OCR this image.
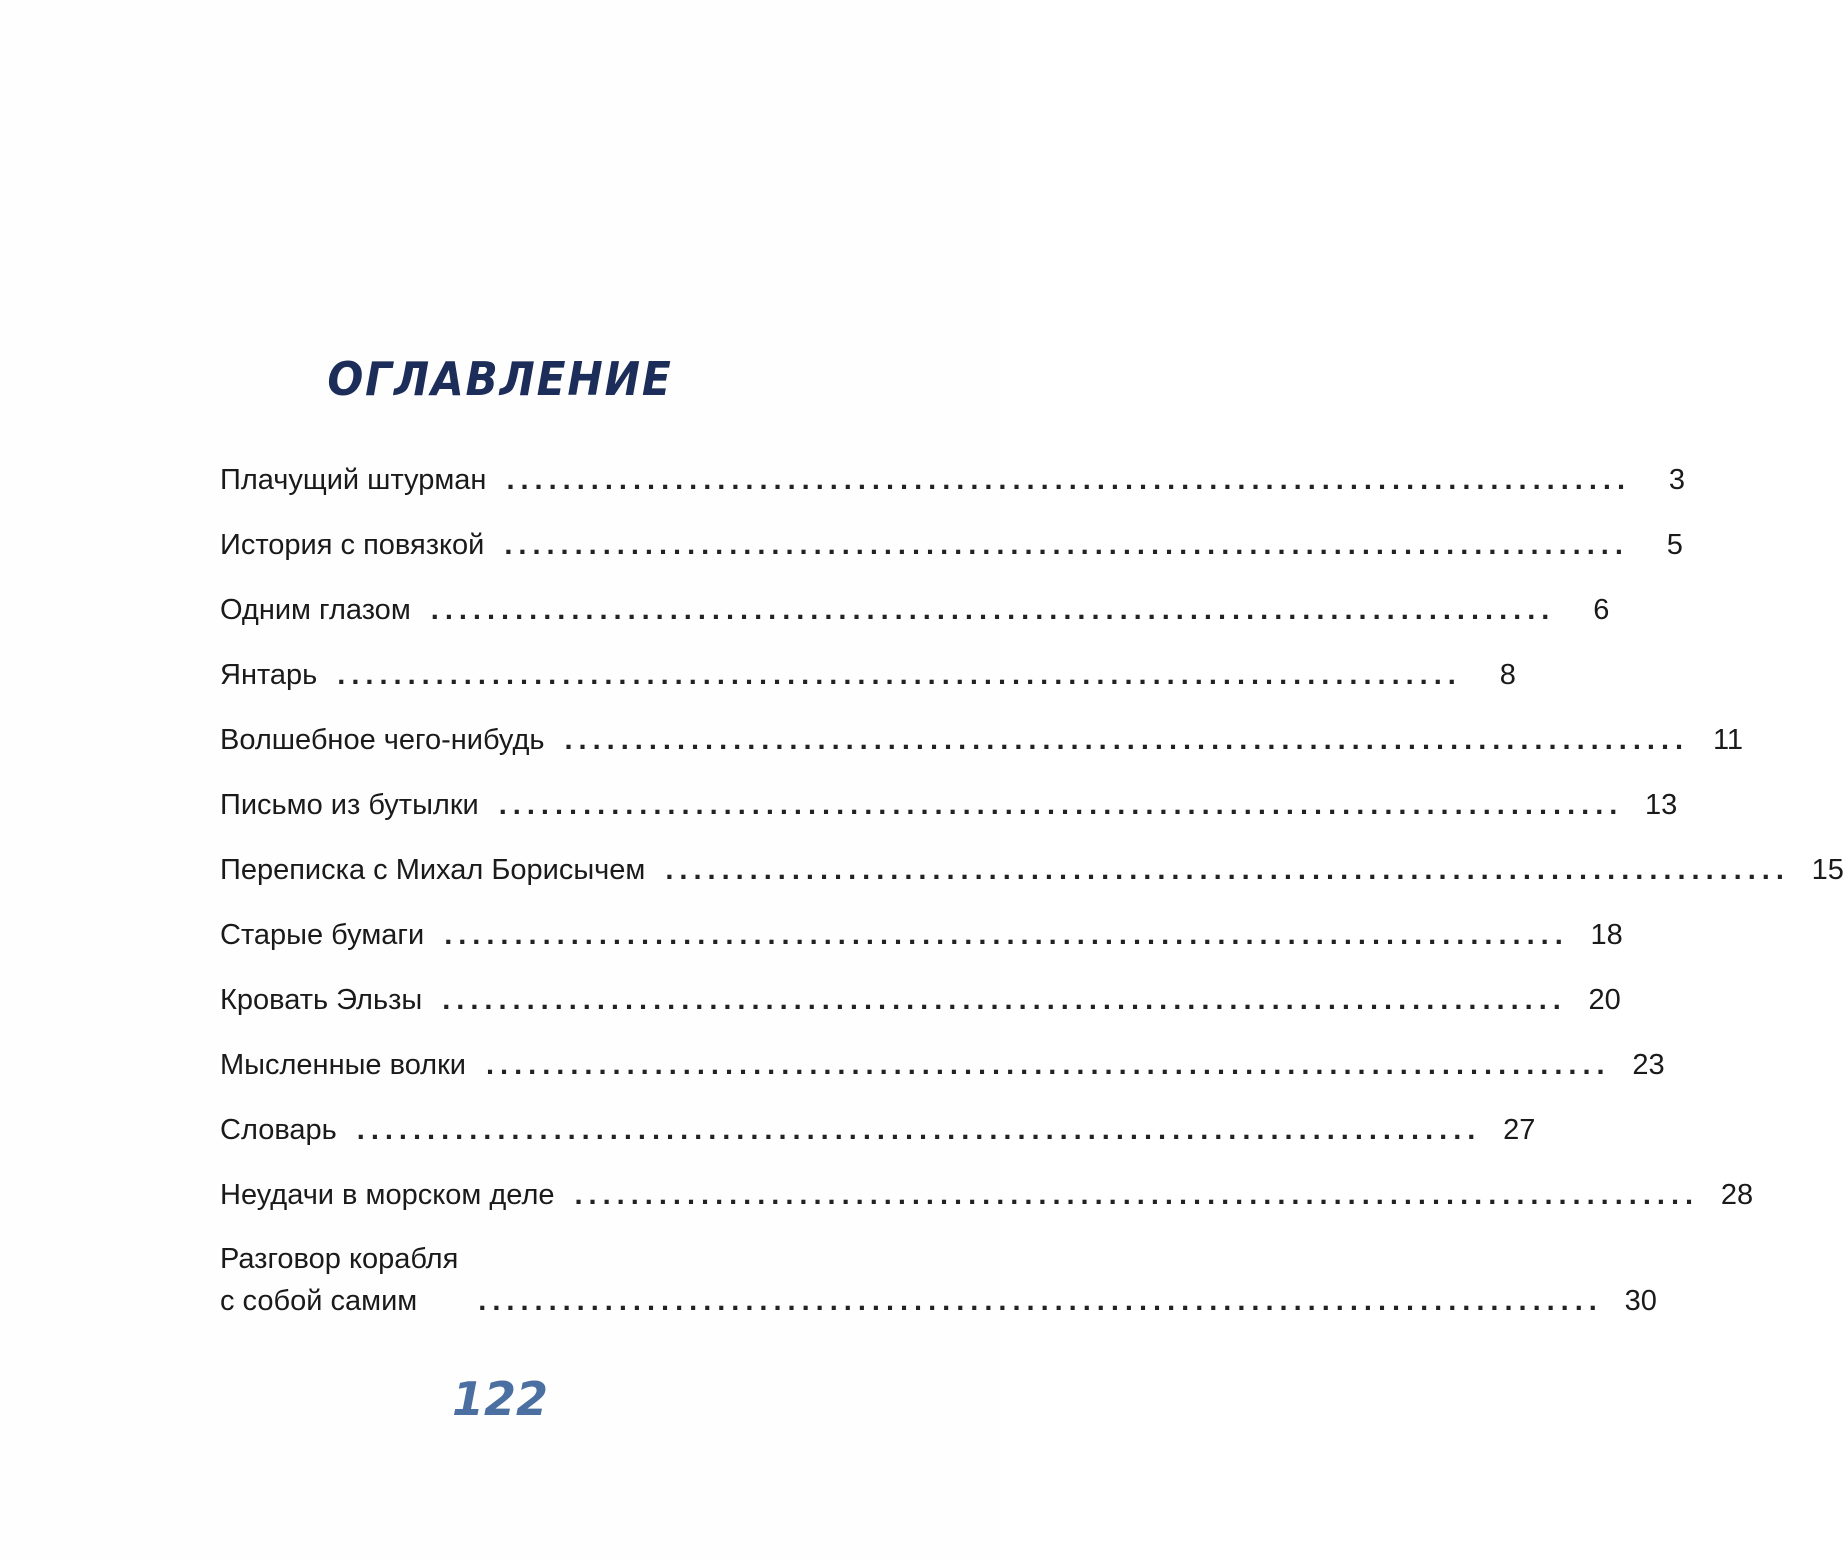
ОГЛАВЛЕНИЕ
Плачущий штурман ................................................................................	3
История с повязкой ................................................................................	5
Одним глазом ................................................................................	6
Янтарь ................................................................................	8
Волшебное чего-нибудь ................................................................................ 11
Письмо из бутылки ................................................................................ 13
Переписка с Михал Борисычем ................................................................................ 15
Старые бумаги ................................................................................ 18
Кровать Эльзы ................................................................................ 20
Мысленные волки ................................................................................ 23
Словарь ................................................................................ 27
Неудачи в морском деле ................................................................................ 28
Разговор корабля
с собой самим	................................................................................ 30
122
